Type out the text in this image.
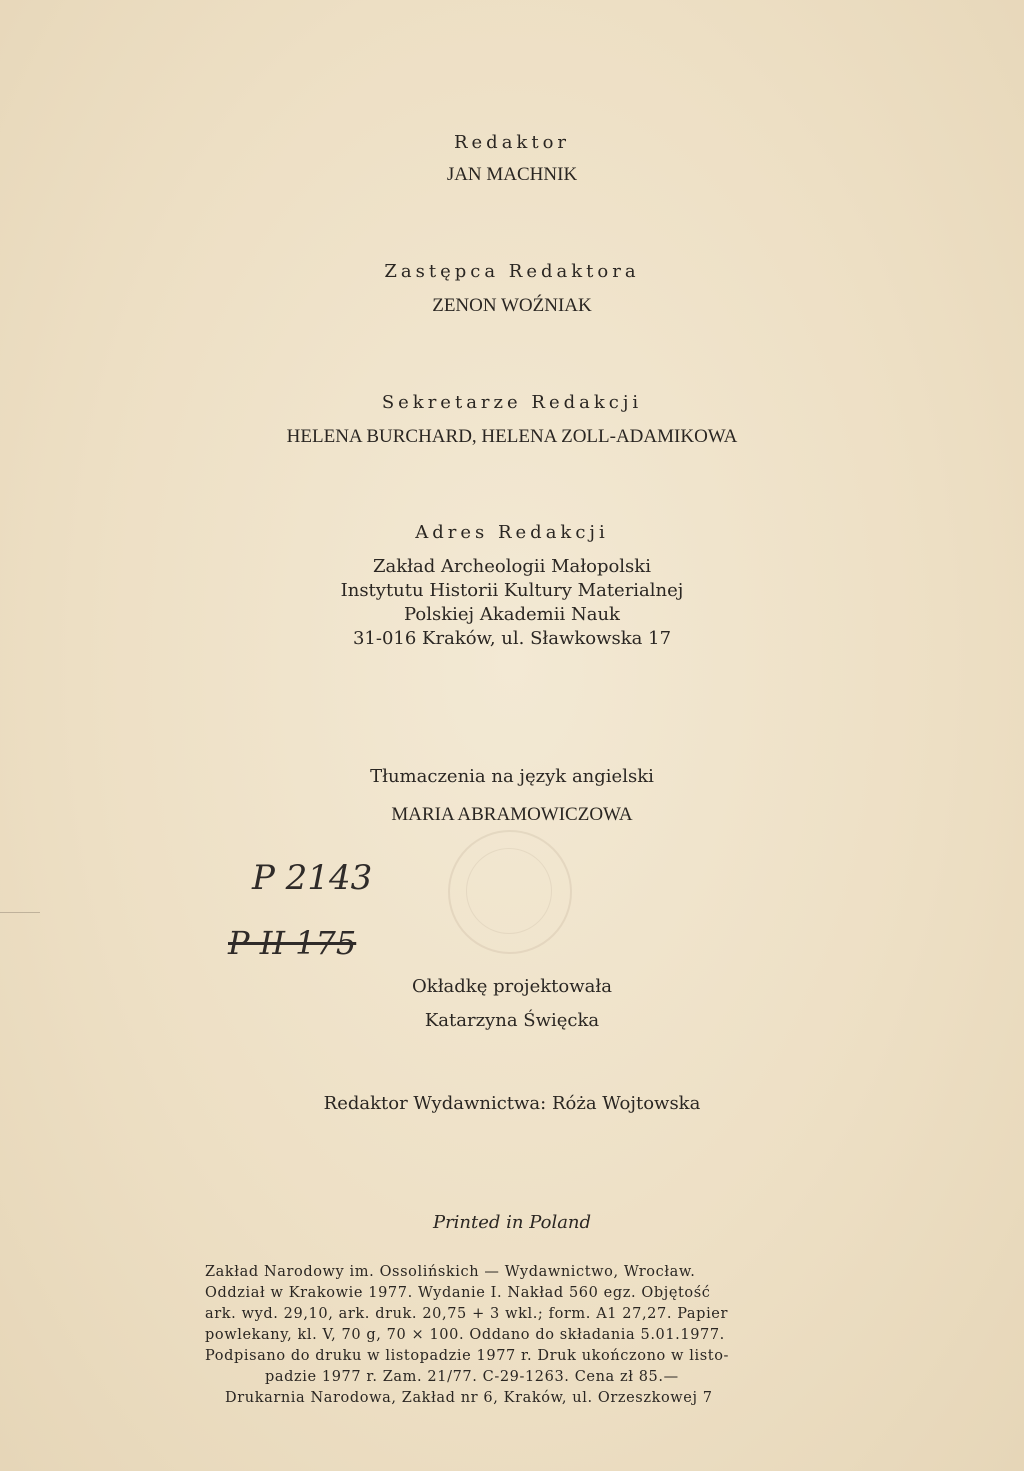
Redaktor
JAN MACHNIK
Zastępca Redaktora
ZENON WOŹNIAK
Sekretarze Redakcji
HELENA BURCHARD, HELENA ZOLL-ADAMIKOWA
Adres Redakcji
Zakład Archeologii Małopolski
Instytutu Historii Kultury Materialnej
Polskiej Akademii Nauk
31-016 Kraków, ul. Sławkowska 17
Tłumaczenia na język angielski
MARIA ABRAMOWICZOWA
P 2143
P II 175
Okładkę projektowała
Katarzyna Święcka
Redaktor Wydawnictwa: Róża Wojtowska
Printed in Poland
Zakład Narodowy im. Ossolińskich — Wydawnictwo, Wrocław.
Oddział w Krakowie 1977. Wydanie I. Nakład 560 egz. Objętość
ark. wyd. 29,10, ark. druk. 20,75 + 3 wkl.; form. A1 27,27. Papier
powlekany, kl. V, 70 g, 70 × 100. Oddano do składania 5.01.1977.
Podpisano do druku w listopadzie 1977 r. Druk ukończono w listo-
padzie 1977 r. Zam. 21/77. C-29-1263. Cena zł 85.—
Drukarnia Narodowa, Zakład nr 6, Kraków, ul. Orzeszkowej 7
